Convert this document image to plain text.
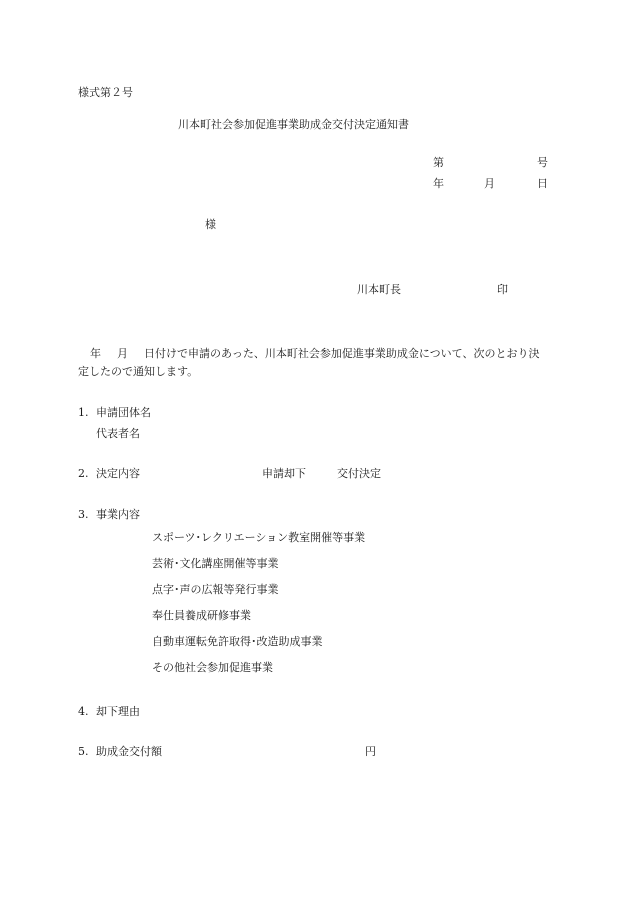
様式第２号
川本町社会参加促進事業助成金交付決定通知書
第	号
年	月	日
様
川本町長	印
年 月 日付けで申請のあった、川本町社会参加促進事業助成金について、次のとおり決定したので通知します。
1. 申請団体名
代表者名
2. 決定内容	申請却下	交付決定
3. 事業内容
スポーツ･レクリエーション教室開催等事業
芸術･文化講座開催等事業
点字･声の広報等発行事業
奉仕員養成研修事業
自動車運転免許取得･改造助成事業
その他社会参加促進事業
4. 却下理由
5. 助成金交付額	円
